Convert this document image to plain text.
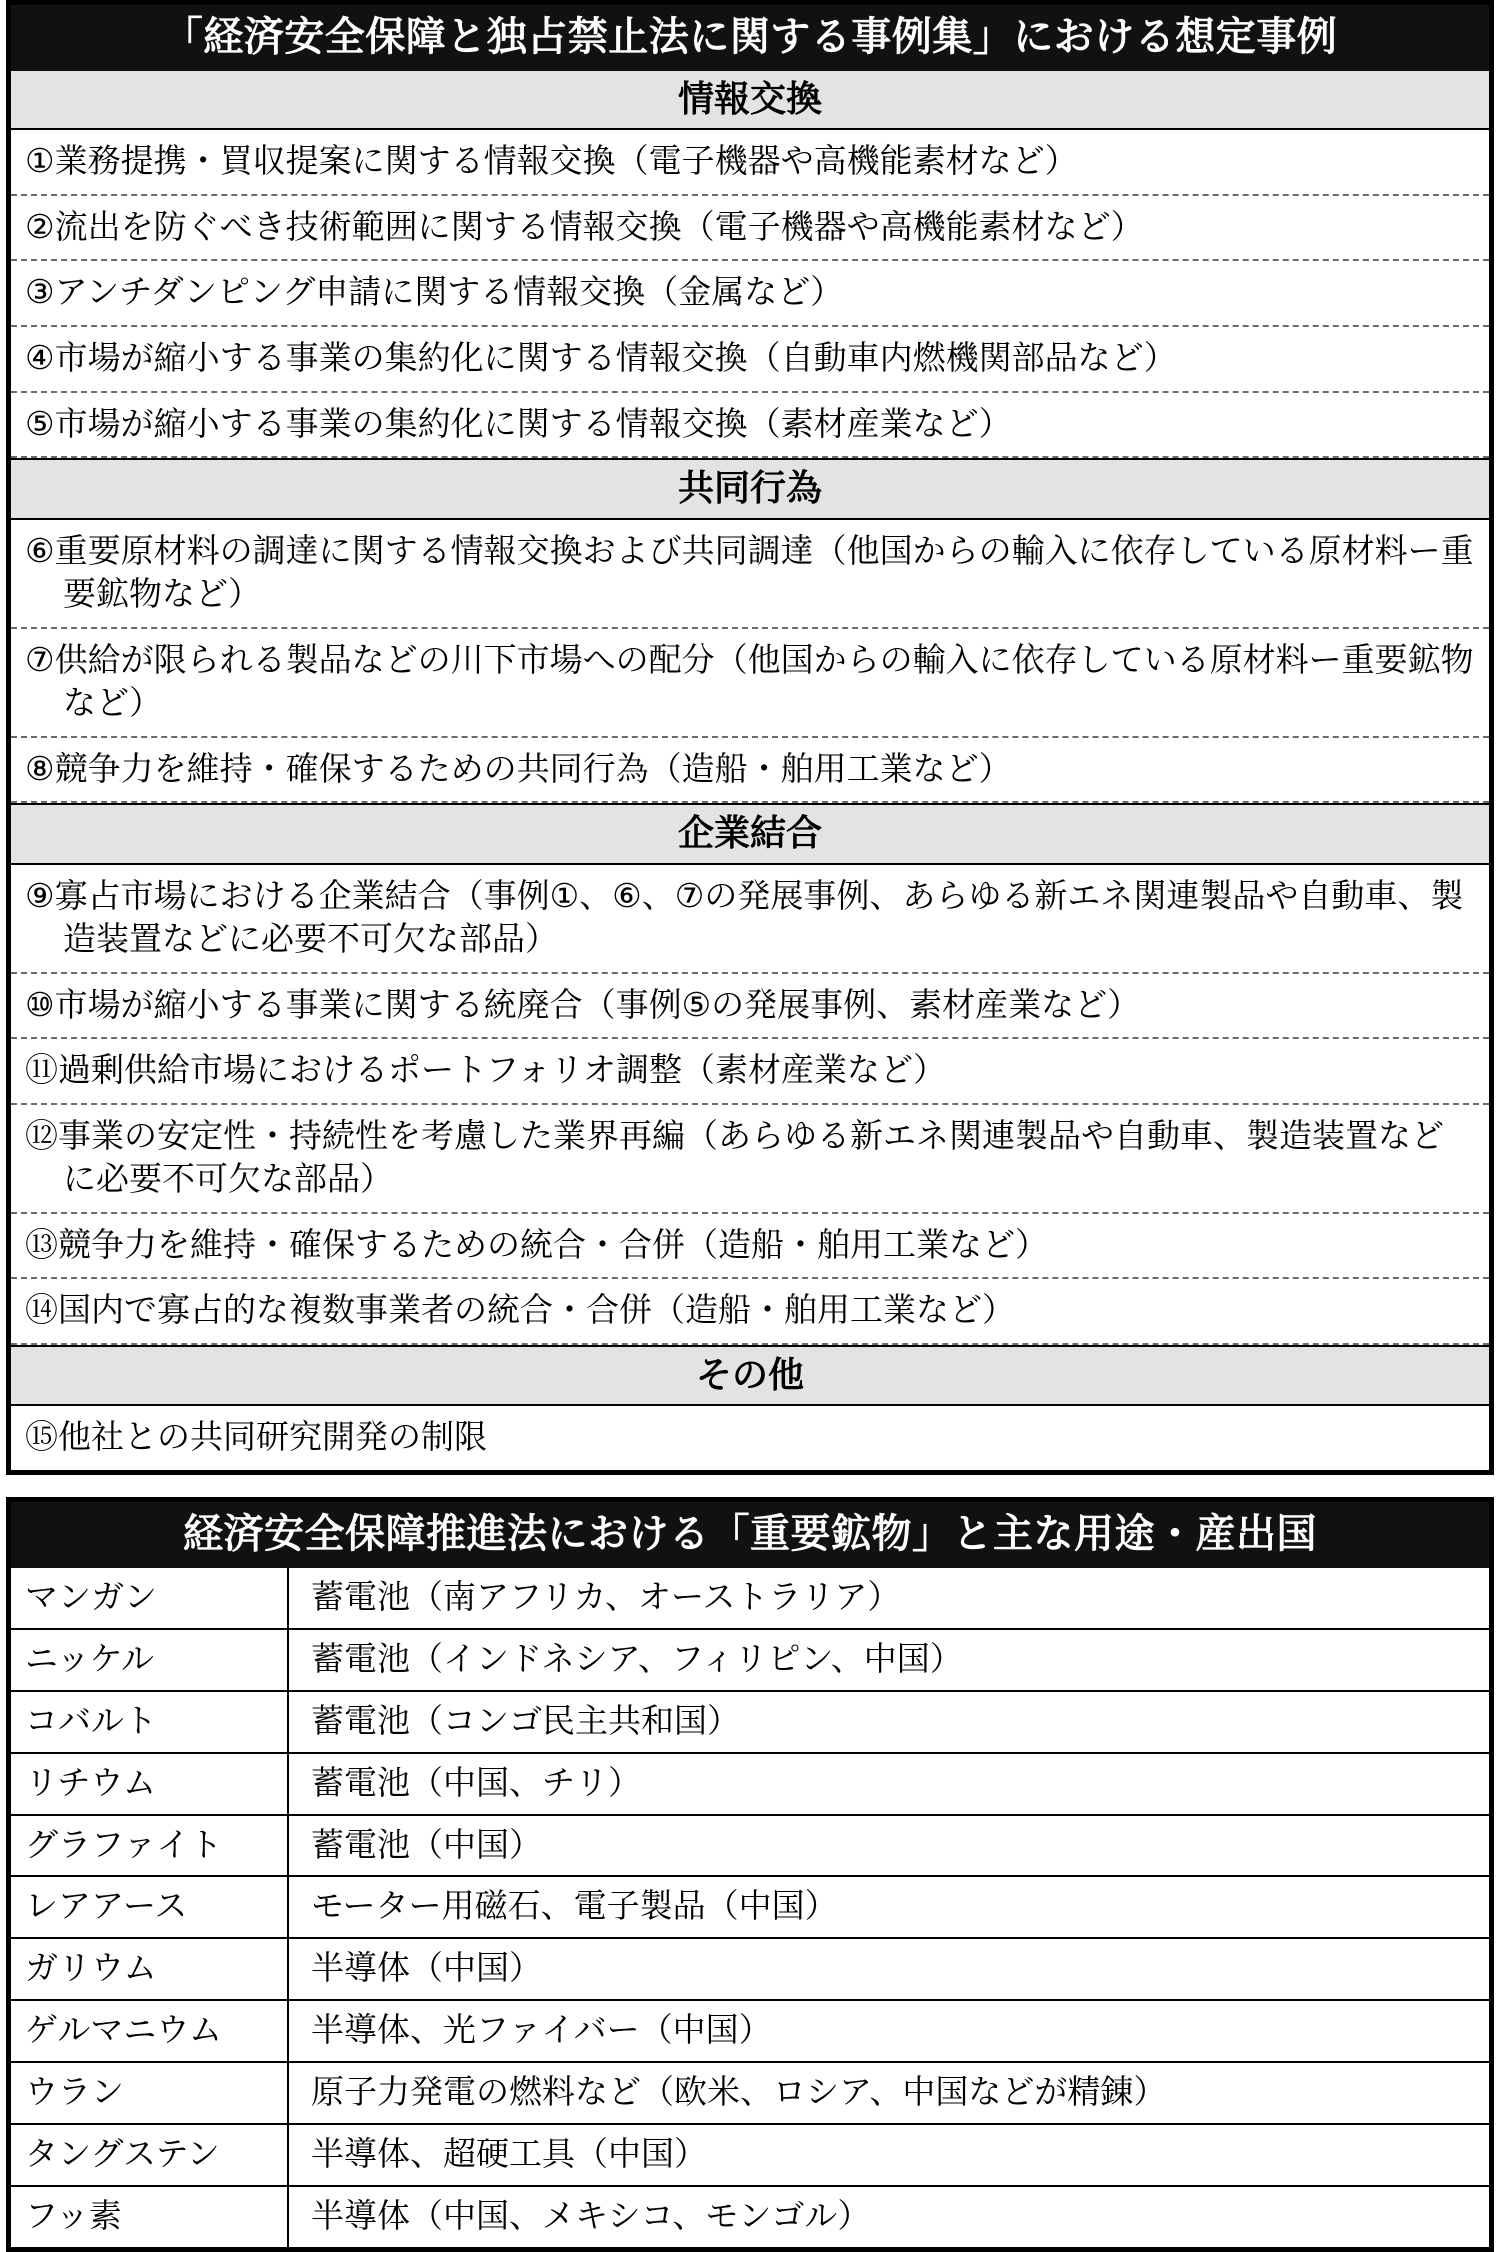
「経済安全保障と独占禁止法に関する事例集」における想定事例
情報交換
①業務提携・買収提案に関する情報交換（電子機器や高機能素材など）
②流出を防ぐべき技術範囲に関する情報交換（電子機器や高機能素材など）
③アンチダンピング申請に関する情報交換（金属など）
④市場が縮小する事業の集約化に関する情報交換（自動車内燃機関部品など）
⑤市場が縮小する事業の集約化に関する情報交換（素材産業など）
共同行為
⑥重要原材料の調達に関する情報交換および共同調達（他国からの輸入に依存している原材料ー重要鉱物など）
⑦供給が限られる製品などの川下市場への配分（他国からの輸入に依存している原材料ー重要鉱物など）
⑧競争力を維持・確保するための共同行為（造船・舶用工業など）
企業結合
⑨寡占市場における企業結合（事例①、⑥、⑦の発展事例、あらゆる新エネ関連製品や自動車、製造装置などに必要不可欠な部品）
⑩市場が縮小する事業に関する統廃合（事例⑤の発展事例、素材産業など）
⑪過剰供給市場におけるポートフォリオ調整（素材産業など）
⑫事業の安定性・持続性を考慮した業界再編（あらゆる新エネ関連製品や自動車、製造装置などに必要不可欠な部品）
⑬競争力を維持・確保するための統合・合併（造船・舶用工業など）
⑭国内で寡占的な複数事業者の統合・合併（造船・舶用工業など）
その他
⑮他社との共同研究開発の制限
経済安全保障推進法における「重要鉱物」と主な用途・産出国
マンガン	蓄電池（南アフリカ、オーストラリア）
ニッケル	蓄電池（インドネシア、フィリピン、中国）
コバルト	蓄電池（コンゴ民主共和国）
リチウム	蓄電池（中国、チリ）
グラファイト	蓄電池（中国）
レアアース	モーター用磁石、電子製品（中国）
ガリウム	半導体（中国）
ゲルマニウム	半導体、光ファイバー（中国）
ウラン	原子力発電の燃料など（欧米、ロシア、中国などが精錬）
タングステン	半導体、超硬工具（中国）
フッ素	半導体（中国、メキシコ、モンゴル）
